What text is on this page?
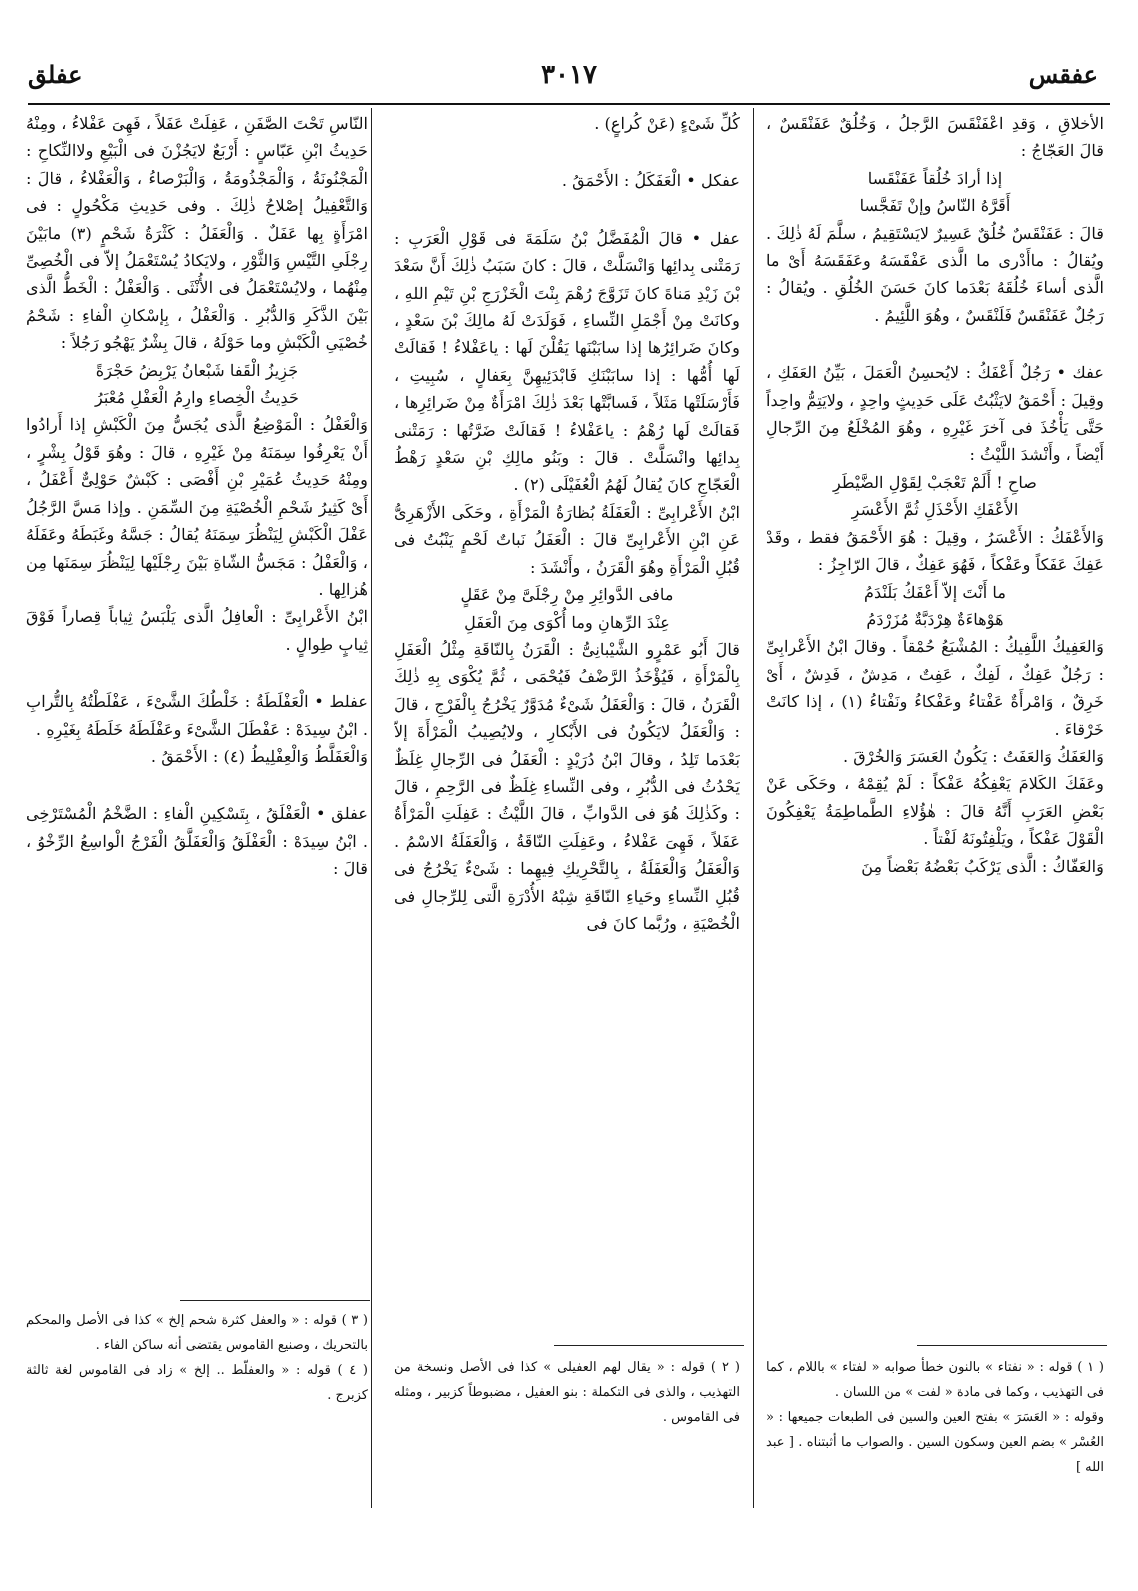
عفقس
٣٠١٧
عفلق

الأخلاقِ ، وَقدِ اعْفَنْقَسَ الرَّجلُ ، وَخُلُقٌ عَفَنْقَسٌ ، قالَ العَجّاجُ :

إذا أرادَ خُلُقاً عَفَنْقَسا

أَقَرَّهُ النّاسُ وإنْ تَفَجَّسا

قالَ : عَفَنْقَسٌ خُلُقٌ عَسِيرٌ لايَسْتَقِيمُ ، سلَّمَ لَهُ ذٰلِكَ . ويُقالُ : ماأَدْرى ما الَّذى عَفْقَسَهُ وعَفَقَسَهُ أَىْ ما الَّذى أساءَ خُلُقَهُ بَعْدَما كانَ حَسَنَ الخُلُقِ . ويُقالُ : رَجُلٌ عَفَنْقَسٌ فَلَنْقَسٌ ، وهُوَ اللَّئِيمُ .

عفك • رَجُلٌ أَعْفَكُ : لايُحسِنُ الْعَمَلَ ، بَيِّنُ العَفَكِ ، وقِيلَ : أَحْمَقُ لايَثْبُتُ عَلَى حَدِيثٍ واحِدٍ ، ولايَتِمُّ واحِداً حَتَّى يَأْخُذَ فى آخرَ غَيْرِهِ ، وهُوَ المُخْلَعُ مِنَ الرِّجالِ أَيْضاً ، وأَنْشدَ اللَّيْثُ :

صاحِ ! أَلَمْ تَعْجَبْ لِقَوْلِ الضَّيْطَرِ

الأَعْفَكِ الأَحْذَلِ ثُمَّ الأَعْسَرِ

وَالأَعْفَكُ : الأَعْسَرُ ، وقِيلَ : هُوَ الأَحْمَقُ فقط ، وقَدْ عَفِكَ عَفَكاً وعَفْكاً ، فَهُوَ عَفِكٌ ، قالَ الرّاجِزُ :

ما أَنْتَ إلاّ أَعْفَكُ بَلَنْدَمُ

هَوْهاءَةٌ هِرْدَبَّةٌ مُزَرْدَمُ

وَالعَفِيكُ اللَّفِيكُ : المُشْبَعُ حُمْقاً . وقالَ ابْنُ الأَعْرابِىِّ : رَجُلٌ عَفِكٌ ، لَفِكٌ ، عَفِتٌ ، مَدِشٌ ، فَدِشٌ ، أَىْ خَرِقٌ ، وَامْرأَةٌ عَفْتاءُ وعَفْكاءُ ونَفْتاءُ (١) ، إذا كانَتْ خَرْقاءَ .

وَالعَفَكُ وَالعَفَتُ : يَكُونُ العَسَرَ وَالخُرْقَ .

وعَفَكَ الكَلامَ يَعْفِكُهُ عَفْكاً : لَمْ يُقِمْهُ ، وحَكَى عَنْ بَعْضِ العَرَبِ أَنَّهُ قالَ : هٰؤُلاءِ الطَّماطِمَةُ يَعْفِكُونَ الْقَوْلَ عَفْكاً ، ويَلْفِتُونَهُ لَفْتاً .

وَالعَفّاكُ : الَّذى يَرْكَبُ بَعْضُهُ بَعْضاً مِنَ

كُلِّ شَىْءٍ (عَنْ كُراعٍ) .

عفكل • الْعَفَكَلُ : الأَحْمَقُ .

عفل • قالَ الْمُفَضَّلُ بْنُ سَلَمَةَ فى قَوْلِ الْعَرَبِ : رَمَتْنى بِدائِها وَانْسَلَّتْ ، قالَ : كانَ سَبَبُ ذٰلِكَ أَنَّ سَعْدَ بْنَ زَيْدِ مَناةَ كانَ تَزَوَّجَ رُهْمَ بِنْتَ الْخَزْرَجِ بْنِ تَيْمِ اللهِ ، وكانَتْ مِنْ أَجْمَلِ النِّساءِ ، فَوَلَدَتْ لَهُ مالِكَ بْنَ سَعْدٍ ، وكانَ ضَرائِرُها إذا سابَبْنَها يَقُلْنَ لَها : ياعَفْلاءُ ! فَقالَتْ لَها أُمُّها : إذا سابَبْنَكِ فَابْدَئِيهِنَّ بِعَفالٍ ، سُبِيتِ ، فَأَرْسَلَتْها مَثَلاً ، فَسابَّتْها بَعْدَ ذٰلِكَ امْرَأَةٌ مِنْ ضَرائِرِها ، فَقالَتْ لَها رُهْمُ : ياعَفْلاءُ ! فَقالَتْ ضَرَّتُها : رَمَتْنى بِدائِها وانْسَلَّتْ . قالَ : وبَنُو مالِكِ بْنِ سَعْدٍ رَهْطُ الْعَجّاجِ كانَ يُقالُ لَهُمُ الْعُفَيْلَى (٢) .

ابْنُ الأَعْرابِىِّ : الْعَفَلَةُ بُظارَةُ الْمَرْأَةِ ، وحَكَى الأَزْهَرِىُّ عَنِ ابْنِ الأَعْرابِىِّ قالَ : الْعَفَلُ نَباتٌ لَحْمٍ يَنْبُتُ فى قُبُلِ الْمَرْأَةِ وهُوَ الْقَرَنُ ، وأَنْشَدَ :

مافى الدَّوائِرِ مِنْ رِجْلَىَّ مِنْ عَقَلٍ

عِنْدَ الرِّهانِ وما أُكْوَى مِنَ الْعَفَلِ

قالَ أَبُو عَمْرٍو الشَّيْبانِىُّ : الْقَرَنُ بِالنّاقَةِ مِثْلُ الْعَفَلِ بِالْمَرْأَةِ ، فَيُؤْخَذُ الرَّضْفُ فَيُحْمَى ، ثُمَّ يُكْوَى بِهِ ذٰلِكَ الْقَرَنُ ، قالَ : وَالْعَفَلُ شَىْءٌ مُدَوَّرٌ يَخْرُجُ بِالْفَرْجِ ، قالَ : وَالْعَفَلُ لايَكُونُ فى الأَبْكارِ ، ولايُصِيبُ الْمَرْأَةَ إلاّ بَعْدَما تَلِدُ ، وقالَ ابْنُ دُرَيْدٍ : الْعَفَلُ فى الرِّجالِ غِلَظٌ يَحْدُثُ فى الدُّبُرِ ، وفى النِّساءِ غِلَظٌ فى الرَّحِمِ ، قالَ : وكَذٰلِكَ هُوَ فى الدَّوابِّ ، قالَ اللَّيْثُ : عَفِلَتِ الْمَرْأَةُ عَفَلاً ، فَهِىَ عَفْلاءُ ، وعَفِلَتِ النّاقَةُ ، وَالْعَفَلَةُ الاسْمُ . وَالْعَفَلُ وَالْعَفَلَةُ ، بِالتَّحْرِيكِ فِيهِما : شَىْءٌ يَخْرُجُ فى قُبُلِ النِّساءِ وحَياءِ النّاقَةِ شِبْهُ الأُدْرَةِ الَّتى لِلرِّجالِ فى الْخُصْيَةِ ، ورُبَّما كانَ فى

النّاسِ تَحْتَ الصَّفَنِ ، عَفِلَتْ عَفَلاً ، فَهِىَ عَفْلاءُ ، ومِنْهُ حَدِيثُ ابْنِ عَبّاسٍ : أَرْبَعٌ لايَجُزْنَ فى الْبَيْعِ ولاالنِّكاحِ : الْمَجْنُونَةُ ، وَالْمَجْذُومَةُ ، وَالْبَرْصاءُ ، وَالْعَفْلاءُ ، قالَ : وَالتَّعْفِيلُ إصْلاحُ ذٰلِكَ . وفى حَدِيثِ مَكْحُولٍ : فى امْرَأَةٍ بِها عَفَلٌ . وَالْعَفَلُ : كَثْرَةُ شَحْمٍ (٣) مابَيْنَ رِجْلَىِ التَّيْسِ وَالثَّوْرِ ، ولايَكادُ يُسْتَعْمَلُ إلاّ فى الْخُصِىِّ مِنْهُما ، ولايُسْتَعْمَلُ فى الأُنْثَى . وَالْعَفْلُ : الْخَطُّ الَّذى بَيْنَ الذَّكَرِ وَالدُّبُرِ . وَالْعَفْلُ ، بِإسْكانِ الْفاءِ : شَحْمُ خُصْيَىِ الْكَبْشِ وما حَوْلَهُ ، قالَ بِشْرٌ يَهْجُو رَجُلاً :

جَزِيزُ الْقَفا شَبْعانُ يَرْبِضُ حَجْرَةً

حَدِيثُ الْخِصاءِ وارِمُ الْعَفْلِ مُعْبَرُ

وَالْعَفْلُ : الْمَوْضِعُ الَّذى يُجَسُّ مِنَ الْكَبْشِ إذا أَرادُوا أَنْ يَعْرِفُوا سِمَنَهُ مِنْ غَيْرِهِ ، قالَ : وهُوَ قَوْلُ بِشْرٍ ، ومِنْهُ حَدِيثُ عُمَيْرِ بْنِ أَفْصَى : كَبْشٌ حَوْلِىٌّ أَعْفَلُ ، أَىْ كَثِيرُ شَحْمِ الْخُصْيَةِ مِنَ السِّمَنِ . وإذا مَسَّ الرَّجُلُ عَفْلَ الْكَبْشِ لِيَنْظُرَ سِمَنَهُ يُقالُ : جَسَّهُ وغَبَطَهُ وعَفَلَهُ ، وَالْعَفْلُ : مَجَسُّ الشّاةِ بَيْنَ رِجْلَيْها لِيَنْظُرَ سِمَنَها مِن هُزالِها .

ابْنُ الأَعْرابِىِّ : الْعافِلُ الَّذى يَلْبَسُ ثِياباً قِصاراً فَوْقَ ثِيابٍ طِوالٍ .

عفلط • الْعَفْلَطَةُ : خَلْطُكَ الشَّىْءَ ، عَفْلَطْتُهُ بِالتُّرابِ . ابْنُ سِيدَهْ : عَفْطَلَ الشَّىْءَ وعَفْلَطَهُ خَلَطَهُ بِغَيْرِهِ .

وَالْعَفَلَّطُ وَالْعِفْلِيطُ (٤) : الأَحْمَقُ .

عفلق • الْعَفْلَقُ ، بِتَسْكِينِ الْفاءِ : الضَّخْمُ الْمُسْتَرْخِى . ابْنُ سِيدَهْ : الْعَفْلَقُ وَالْعَفَلَّقُ الْفَرْجُ الْواسِعُ الرِّخْوُ ، قالَ :

( ١ ) قوله : « نفتاء » بالنون خطأ صوابه « لفتاء » باللام ، كما فى التهذيب ، وكما فى مادة « لفت » من اللسان .

وقوله : « العَسَرَ » بفتح العين والسين فى الطبعات جميعها : « العُسْر » بضم العين وسكون السين . والصواب ما أثبتناه . [ عبد الله ]

( ٢ ) قوله : « يقال لهم العفيلى » كذا فى الأصل ونسخة من التهذيب ، والذى فى التكملة : بنو العفيل ، مضبوطاً كزبير ، ومثله فى القاموس .

( ٣ ) قوله : « والعفل كثرة شحم إلخ » كذا فى الأصل والمحكم بالتحريك ، وصنيع القاموس يقتضى أنه ساكن الفاء .

( ٤ ) قوله : « والعفلّط .. إلخ » زاد فى القاموس لغة ثالثة كزبرج .
